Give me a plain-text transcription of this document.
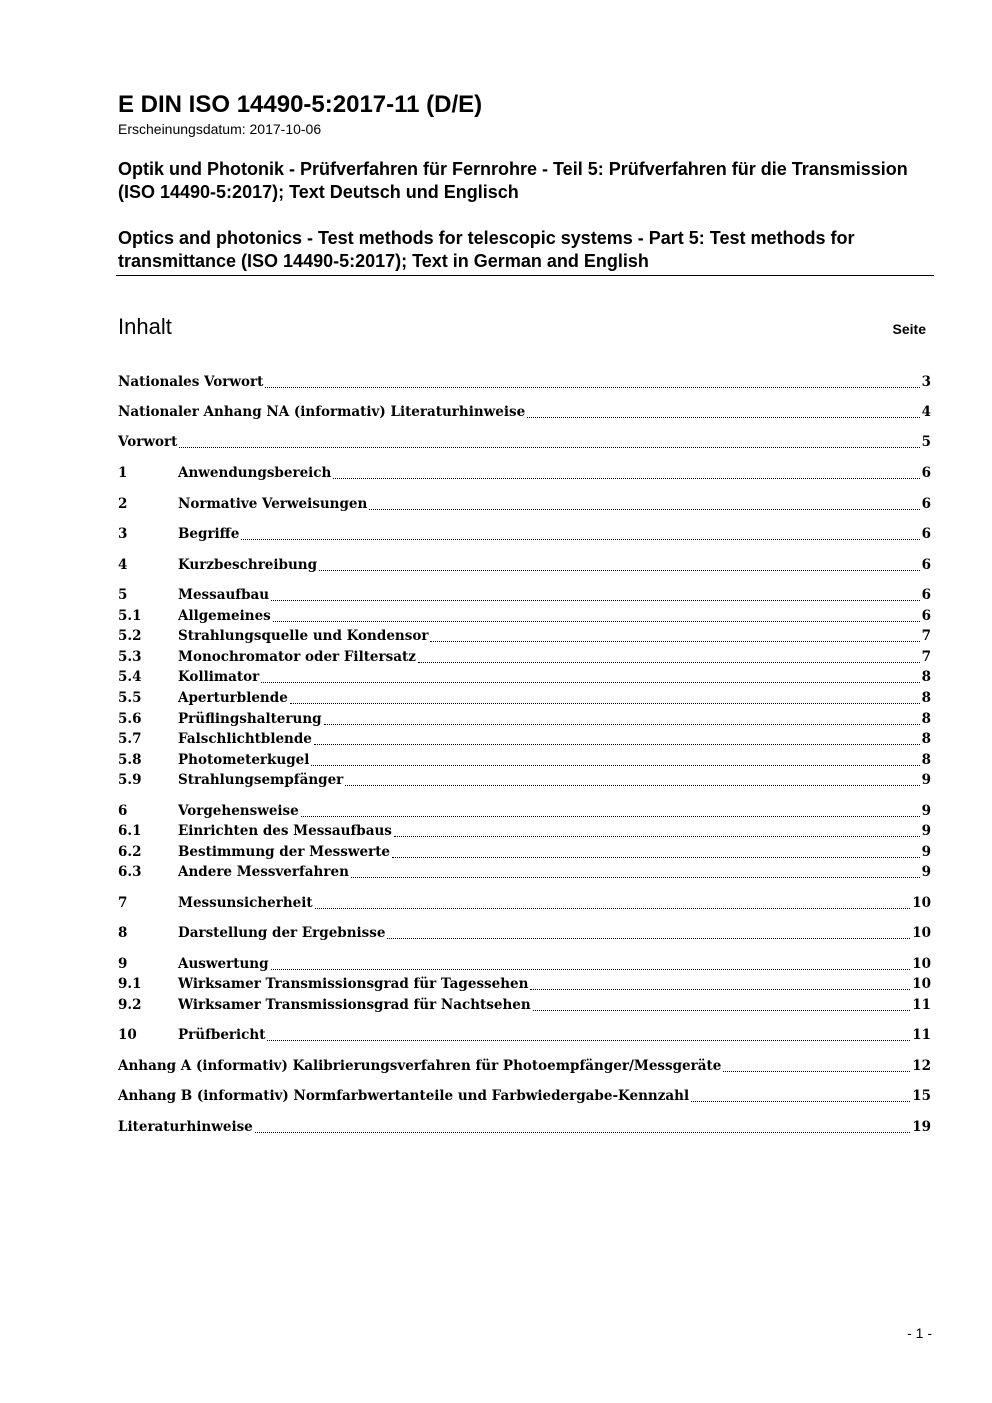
E DIN ISO 14490-5:2017-11 (D/E)

Erscheinungsdatum: 2017-10-06

Optik und Photonik - Prüfverfahren für Fernrohre - Teil 5: Prüfverfahren für die Transmission (ISO 14490-5:2017); Text Deutsch und Englisch

Optics and photonics - Test methods for telescopic systems - Part 5: Test methods for transmittance (ISO 14490-5:2017); Text in German and English

Inhalt	Seite
Nationales Vorwort	3
Nationaler Anhang NA (informativ) Literaturhinweise	4
Vorwort	5
1	Anwendungsbereich	6
2	Normative Verweisungen	6
3	Begriffe	6
4	Kurzbeschreibung	6
5	Messaufbau	6
5.1	Allgemeines	6
5.2	Strahlungsquelle und Kondensor	7
5.3	Monochromator oder Filtersatz	7
5.4	Kollimator	8
5.5	Aperturblende	8
5.6	Prüflingshalterung	8
5.7	Falschlichtblende	8
5.8	Photometerkugel	8
5.9	Strahlungsempfänger	9
6	Vorgehensweise	9
6.1	Einrichten des Messaufbaus	9
6.2	Bestimmung der Messwerte	9
6.3	Andere Messverfahren	9
7	Messunsicherheit	10
8	Darstellung der Ergebnisse	10
9	Auswertung	10
9.1	Wirksamer Transmissionsgrad für Tagessehen	10
9.2	Wirksamer Transmissionsgrad für Nachtsehen	11
10	Prüfbericht	11
Anhang A (informativ) Kalibrierungsverfahren für Photoempfänger/Messgeräte	12
Anhang B (informativ) Normfarbwertanteile und Farbwiedergabe-Kennzahl	15
Literaturhinweise	19
- 1 -
